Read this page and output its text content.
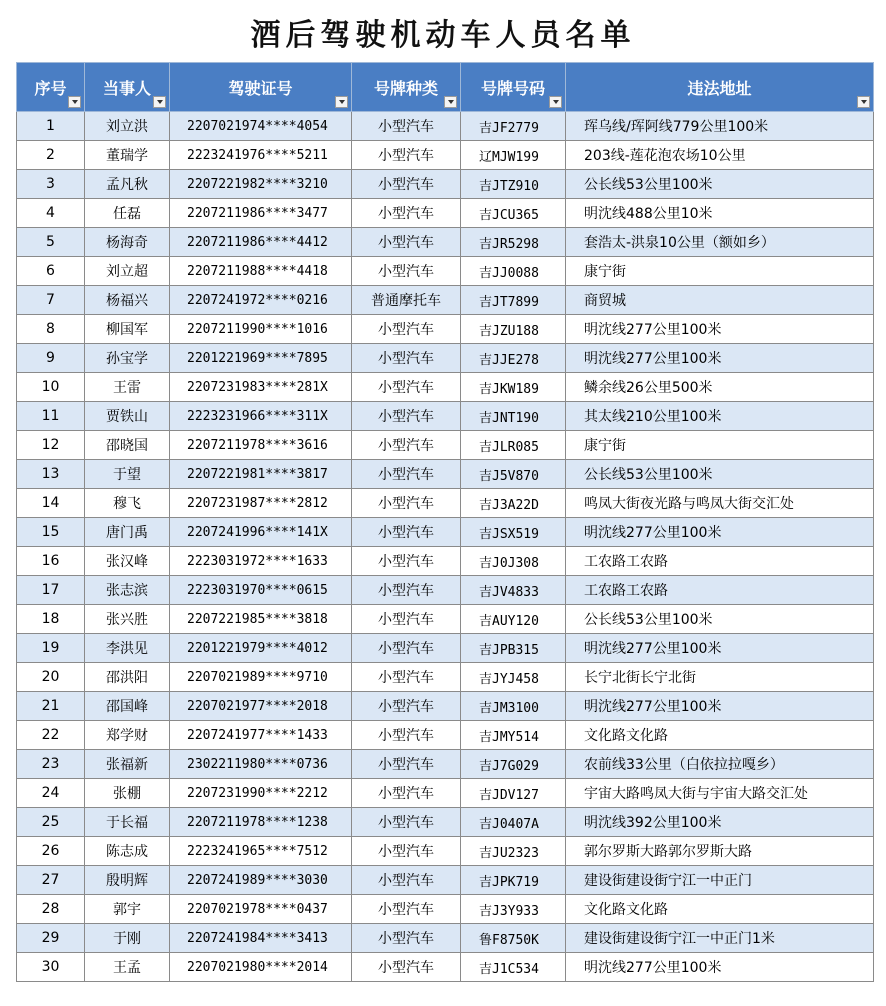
酒后驾驶机动车人员名单
序号	当事人	驾驶证号	号牌种类	号牌号码	违法地址

1	刘立洪	2207021974****4054	小型汽车	吉JF2779	珲乌线/珲阿线779公里100米
2	董瑞学	2223241976****5211	小型汽车	辽MJW199	203线-莲花泡农场10公里
3	孟凡秋	2207221982****3210	小型汽车	吉JTZ910	公长线53公里100米
4	任磊	2207211986****3477	小型汽车	吉JCU365	明沈线488公里10米
5	杨海奇	2207211986****4412	小型汽车	吉JR5298	套浩太-洪泉10公里（额如乡）
6	刘立超	2207211988****4418	小型汽车	吉JJ0088	康宁街
7	杨福兴	2207241972****0216	普通摩托车	吉JT7899	商贸城
8	柳国军	2207211990****1016	小型汽车	吉JZU188	明沈线277公里100米
9	孙宝学	2201221969****7895	小型汽车	吉JJE278	明沈线277公里100米
10	王雷	2207231983****281X	小型汽车	吉JKW189	鳞余线26公里500米
11	贾铁山	2223231966****311X	小型汽车	吉JNT190	其太线210公里100米
12	邵晓国	2207211978****3616	小型汽车	吉JLR085	康宁街
13	于望	2207221981****3817	小型汽车	吉J5V870	公长线53公里100米
14	穆飞	2207231987****2812	小型汽车	吉J3A22D	鸣凤大街夜光路与鸣凤大街交汇处
15	唐门禹	2207241996****141X	小型汽车	吉JSX519	明沈线277公里100米
16	张汉峰	2223031972****1633	小型汽车	吉J0J308	工农路工农路
17	张志滨	2223031970****0615	小型汽车	吉JV4833	工农路工农路
18	张兴胜	2207221985****3818	小型汽车	吉AUY120	公长线53公里100米
19	李洪见	2201221979****4012	小型汽车	吉JPB315	明沈线277公里100米
20	邵洪阳	2207021989****9710	小型汽车	吉JYJ458	长宁北街长宁北街
21	邵国峰	2207021977****2018	小型汽车	吉JM3100	明沈线277公里100米
22	郑学财	2207241977****1433	小型汽车	吉JMY514	文化路文化路
23	张福新	2302211980****0736	小型汽车	吉J7G029	农前线33公里（白依拉拉嘎乡）
24	张棚	2207231990****2212	小型汽车	吉JDV127	宇宙大路鸣凤大街与宇宙大路交汇处
25	于长福	2207211978****1238	小型汽车	吉J0407A	明沈线392公里100米
26	陈志成	2223241965****7512	小型汽车	吉JU2323	郭尔罗斯大路郭尔罗斯大路
27	殷明辉	2207241989****3030	小型汽车	吉JPK719	建设街建设街宁江一中正门
28	郭宇	2207021978****0437	小型汽车	吉J3Y933	文化路文化路
29	于刚	2207241984****3413	小型汽车	鲁F8750K	建设街建设街宁江一中正门1米
30	王孟	2207021980****2014	小型汽车	吉J1C534	明沈线277公里100米
